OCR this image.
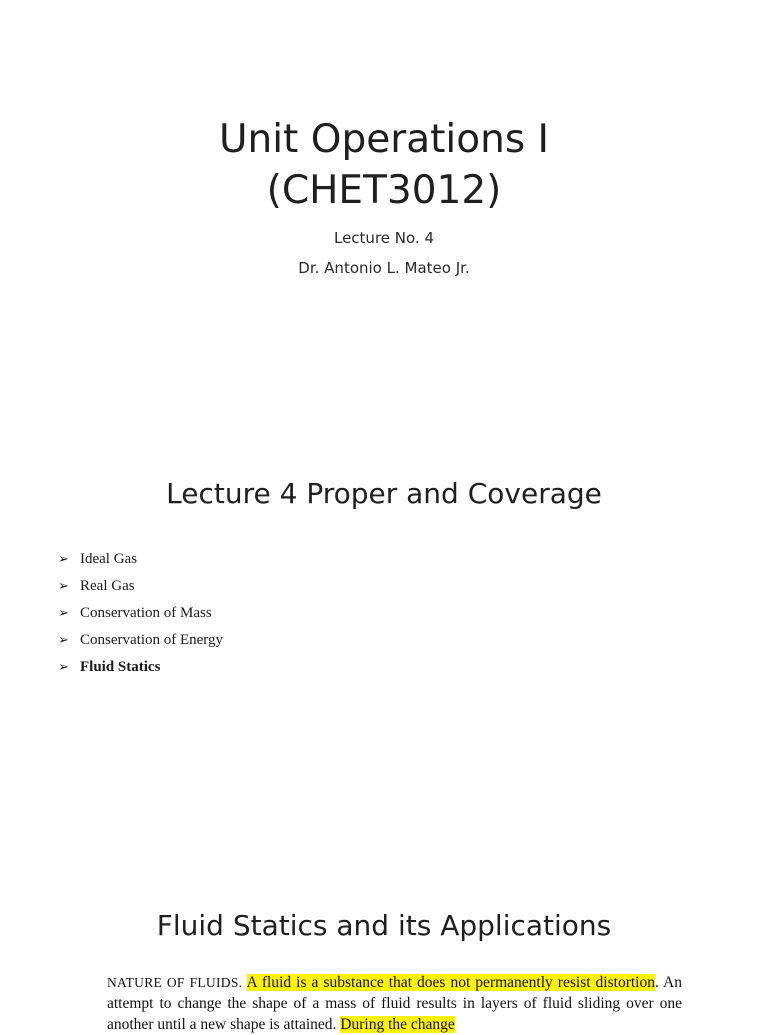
Unit Operations I
(CHET3012)

Lecture No. 4

Dr. Antonio L. Mateo Jr.

Lecture 4 Proper and Coverage
➢ Ideal Gas
➢ Real Gas
➢ Conservation of Mass
➢ Conservation of Energy
➢ Fluid Statics
Fluid Statics and its Applications

NATURE OF FLUIDS. A fluid is a substance that does not permanently resist distortion. An attempt to change the shape of a mass of fluid results in layers of fluid sliding over one another until a new shape is attained. During the change
